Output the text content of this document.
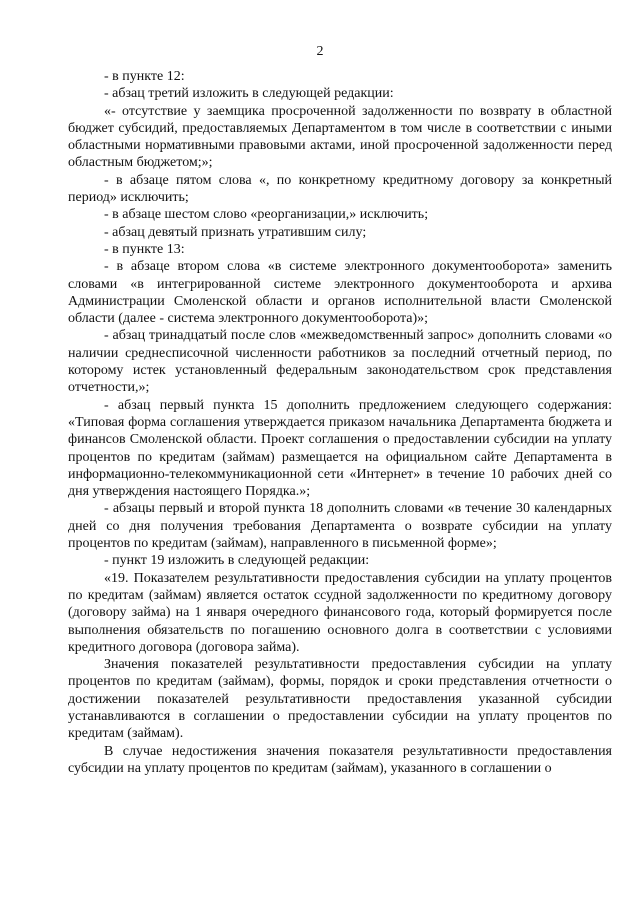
2

- в пункте 12:

- абзац третий изложить в следующей редакции:

«- отсутствие у заемщика просроченной задолженности по возврату в областной бюджет субсидий, предоставляемых Департаментом в том числе в соответствии с иными областными нормативными правовыми актами, иной просроченной задолженности перед областным бюджетом;»;

- в абзаце пятом слова «, по конкретному кредитному договору за конкретный период» исключить;

- в абзаце шестом слово «реорганизации,» исключить;

- абзац девятый признать утратившим силу;

- в пункте 13:

- в абзаце втором слова «в системе электронного документооборота» заменить словами «в интегрированной системе электронного документооборота и архива Администрации Смоленской области и органов исполнительной власти Смоленской области (далее - система электронного документооборота)»;

- абзац тринадцатый после слов «межведомственный запрос» дополнить словами «о наличии среднесписочной численности работников за последний отчетный период, по которому истек установленный федеральным законодательством срок представления отчетности,»;

- абзац первый пункта 15 дополнить предложением следующего содержания: «Типовая форма соглашения утверждается приказом начальника Департамента бюджета и финансов Смоленской области. Проект соглашения о предоставлении субсидии на уплату процентов по кредитам (займам) размещается на официальном сайте Департамента в информационно-телекоммуникационной сети «Интернет» в течение 10 рабочих дней со дня утверждения настоящего Порядка.»;

- абзацы первый и второй пункта 18 дополнить словами «в течение 30 календарных дней со дня получения требования Департамента о возврате субсидии на уплату процентов по кредитам (займам), направленного в письменной форме»;

- пункт 19 изложить в следующей редакции:

«19. Показателем результативности предоставления субсидии на уплату процентов по кредитам (займам) является остаток ссудной задолженности по кредитному договору (договору займа) на 1 января очередного финансового года, который формируется после выполнения обязательств по погашению основного долга в соответствии с условиями кредитного договора (договора займа).

Значения показателей результативности предоставления субсидии на уплату процентов по кредитам (займам), формы, порядок и сроки представления отчетности о достижении показателей результативности предоставления указанной субсидии устанавливаются в соглашении о предоставлении субсидии на уплату процентов по кредитам (займам).

В случае недостижения значения показателя результативности предоставления субсидии на уплату процентов по кредитам (займам), указанного в соглашении о
